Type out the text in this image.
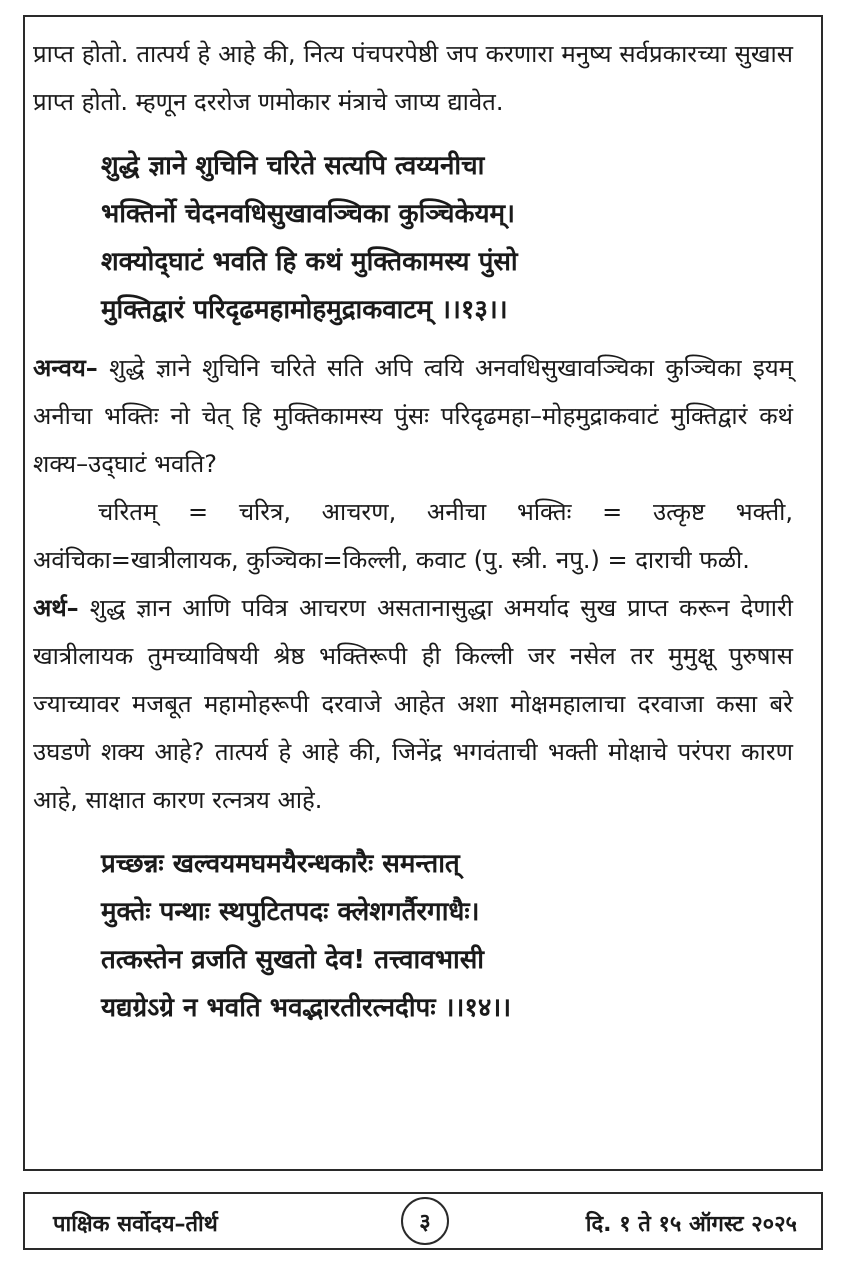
प्राप्त होतो. तात्पर्य हे आहे की, नित्य पंचपरपेष्ठी जप करणारा मनुष्य सर्वप्रकारच्या सुखास प्राप्त होतो. म्हणून दररोज णमोकार मंत्राचे जाप्य द्यावेत.

शुद्धे ज्ञाने शुचिनि चरिते सत्यपि त्वय्यनीचा

भक्तिर्नो चेदनवधिसुखावञ्चिका कुञ्चिकेयम्।

शक्योद्‌घाटं भवति हि कथं मुक्तिकामस्य पुंसो

मुक्तिद्वारं परिदृढमहामोहमुद्राकवाटम् ।।१३।।

अन्वय– शुद्धे ज्ञाने शुचिनि चरिते सति अपि त्वयि अनवधिसुखावञ्चिका कुञ्चिका इयम् अनीचा भक्तिः नो चेत् हि मुक्तिकामस्य पुंसः परिदृढमहा–मोहमुद्राकवाटं मुक्तिद्वारं कथं शक्य–उद्‌घाटं भवति?

चरितम् = चरित्र, आचरण, अनीचा भक्तिः = उत्कृष्ट भक्ती, अवंचिका=खात्रीलायक, कुञ्चिका=किल्ली, कवाट (पु. स्त्री. नपु.) = दाराची फळी.

अर्थ– शुद्ध ज्ञान आणि पवित्र आचरण असतानासुद्धा अमर्याद सुख प्राप्त करून देणारी खात्रीलायक तुमच्याविषयी श्रेष्ठ भक्तिरूपी ही किल्ली जर नसेल तर मुमुक्षू पुरुषास ज्याच्यावर मजबूत महामोहरूपी दरवाजे आहेत अशा मोक्षमहालाचा दरवाजा कसा बरे उघडणे शक्य आहे? तात्पर्य हे आहे की, जिनेंद्र भगवंताची भक्ती मोक्षाचे परंपरा कारण आहे, साक्षात कारण रत्नत्रय आहे.

प्रच्छन्नः खल्वयमघमयैरन्धकारैः समन्तात्

मुक्तेः पन्थाः स्थपुटितपदः क्लेशगर्तैरगाधैः।

तत्कस्तेन व्रजति सुखतो देव! तत्त्वावभासी

यद्यग्रेऽग्रे न भवति भवद्भारतीरत्नदीपः ।।१४।।

पाक्षिक सर्वोदय–तीर्थ	३	दि. १ ते १५ ऑगस्ट २०२५
